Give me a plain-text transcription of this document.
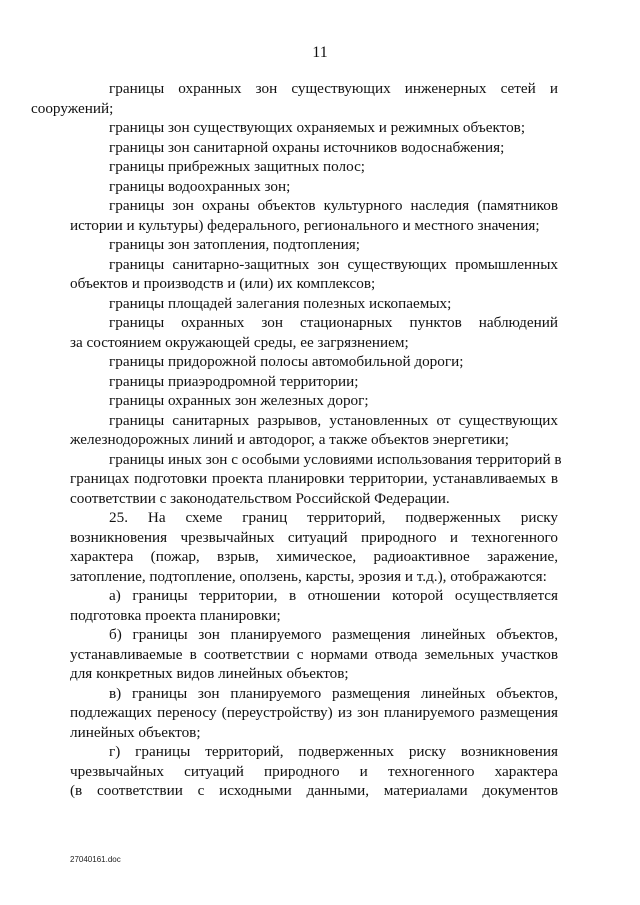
11
границы охранных зон существующих инженерных сетей и
сооружений;
границы зон существующих охраняемых и режимных объектов;
границы зон санитарной охраны источников водоснабжения;
границы прибрежных защитных полос;
границы водоохранных зон;
границы зон охраны объектов культурного наследия (памятников
истории и культуры) федерального, регионального и местного значения;
границы зон затопления, подтопления;
границы санитарно-защитных зон существующих промышленных
объектов и производств и (или) их комплексов;
границы площадей залегания полезных ископаемых;
границы охранных зон стационарных пунктов наблюдений
за состоянием окружающей среды, ее загрязнением;
границы придорожной полосы автомобильной дороги;
границы приаэродромной территории;
границы охранных зон железных дорог;
границы санитарных разрывов, установленных от существующих
железнодорожных линий и автодорог, а также объектов энергетики;
границы иных зон с особыми условиями использования территорий в
границах подготовки проекта планировки территории, устанавливаемых в
соответствии с законодательством Российской Федерации.
25. На схеме границ территорий, подверженных риску
возникновения чрезвычайных ситуаций природного и техногенного
характера (пожар, взрыв, химическое, радиоактивное заражение,
затопление, подтопление, оползень, карсты, эрозия и т.д.), отображаются:
а) границы территории, в отношении которой осуществляется
подготовка проекта планировки;
б) границы зон планируемого размещения линейных объектов,
устанавливаемые в соответствии с нормами отвода земельных участков
для конкретных видов линейных объектов;
в) границы зон планируемого размещения линейных объектов,
подлежащих переносу (переустройству) из зон планируемого размещения
линейных объектов;
г) границы территорий, подверженных риску возникновения
чрезвычайных ситуаций природного и техногенного характера
(в соответствии с исходными данными, материалами документов
27040161.doc
